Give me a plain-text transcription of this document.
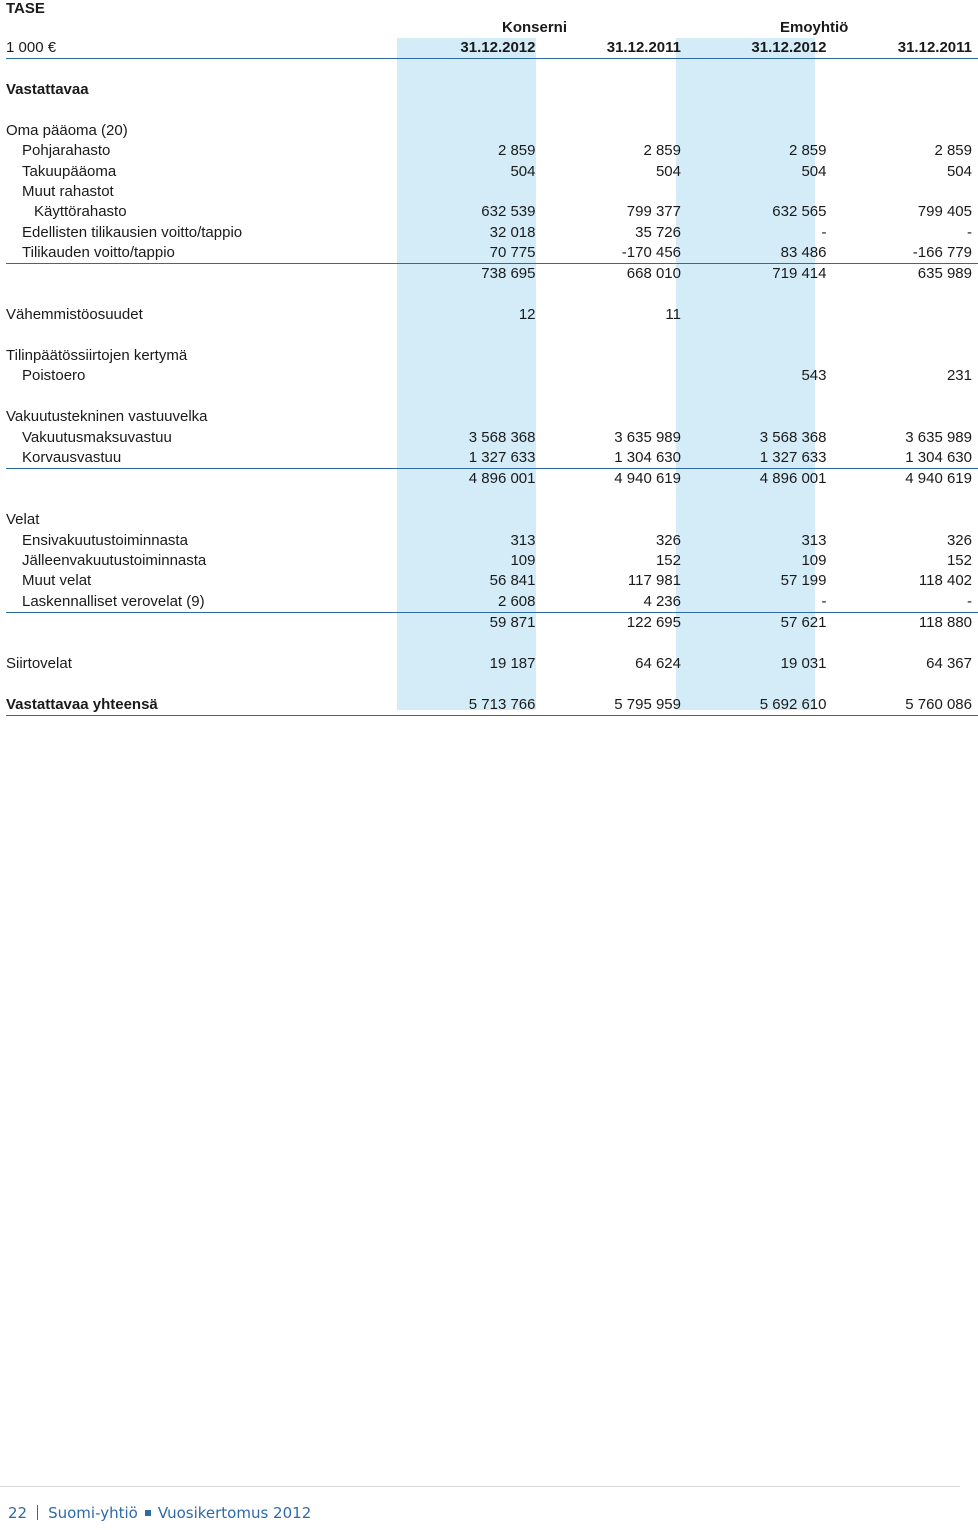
TASE
Konserni	Emoyhtiö
1 000 €	31.12.2012	31.12.2011	31.12.2012	31.12.2011

Vastattavaa				

Oma pääoma (20)				
Pohjarahasto	2 859	2 859	2 859	2 859
Takuupääoma	504	504	504	504
Muut rahastot				
Käyttörahasto	632 539	799 377	632 565	799 405
Edellisten tilikausien voitto/tappio	32 018	35 726	-	-
Tilikauden voitto/tappio	70 775	-170 456	83 486	-166 779
	738 695	668 010	719 414	635 989

Vähemmistöosuudet	12	11		

Tilinpäätössiirtojen kertymä				
Poistoero			543	231

Vakuutustekninen vastuuvelka				
Vakuutusmaksuvastuu	3 568 368	3 635 989	3 568 368	3 635 989
Korvausvastuu	1 327 633	1 304 630	1 327 633	1 304 630
	4 896 001	4 940 619	4 896 001	4 940 619

Velat				
Ensivakuutustoiminnasta	313	326	313	326
Jälleenvakuutustoiminnasta	109	152	109	152
Muut velat	56 841	117 981	57 199	118 402
Laskennalliset verovelat (9)	2 608	4 236	-	-
	59 871	122 695	57 621	118 880

Siirtovelat	19 187	64 624	19 031	64 367

Vastattavaa yhteensä	5 713 766	5 795 959	5 692 610	5 760 086
22 Suomi-yhtiö Vuosikertomus 2012
